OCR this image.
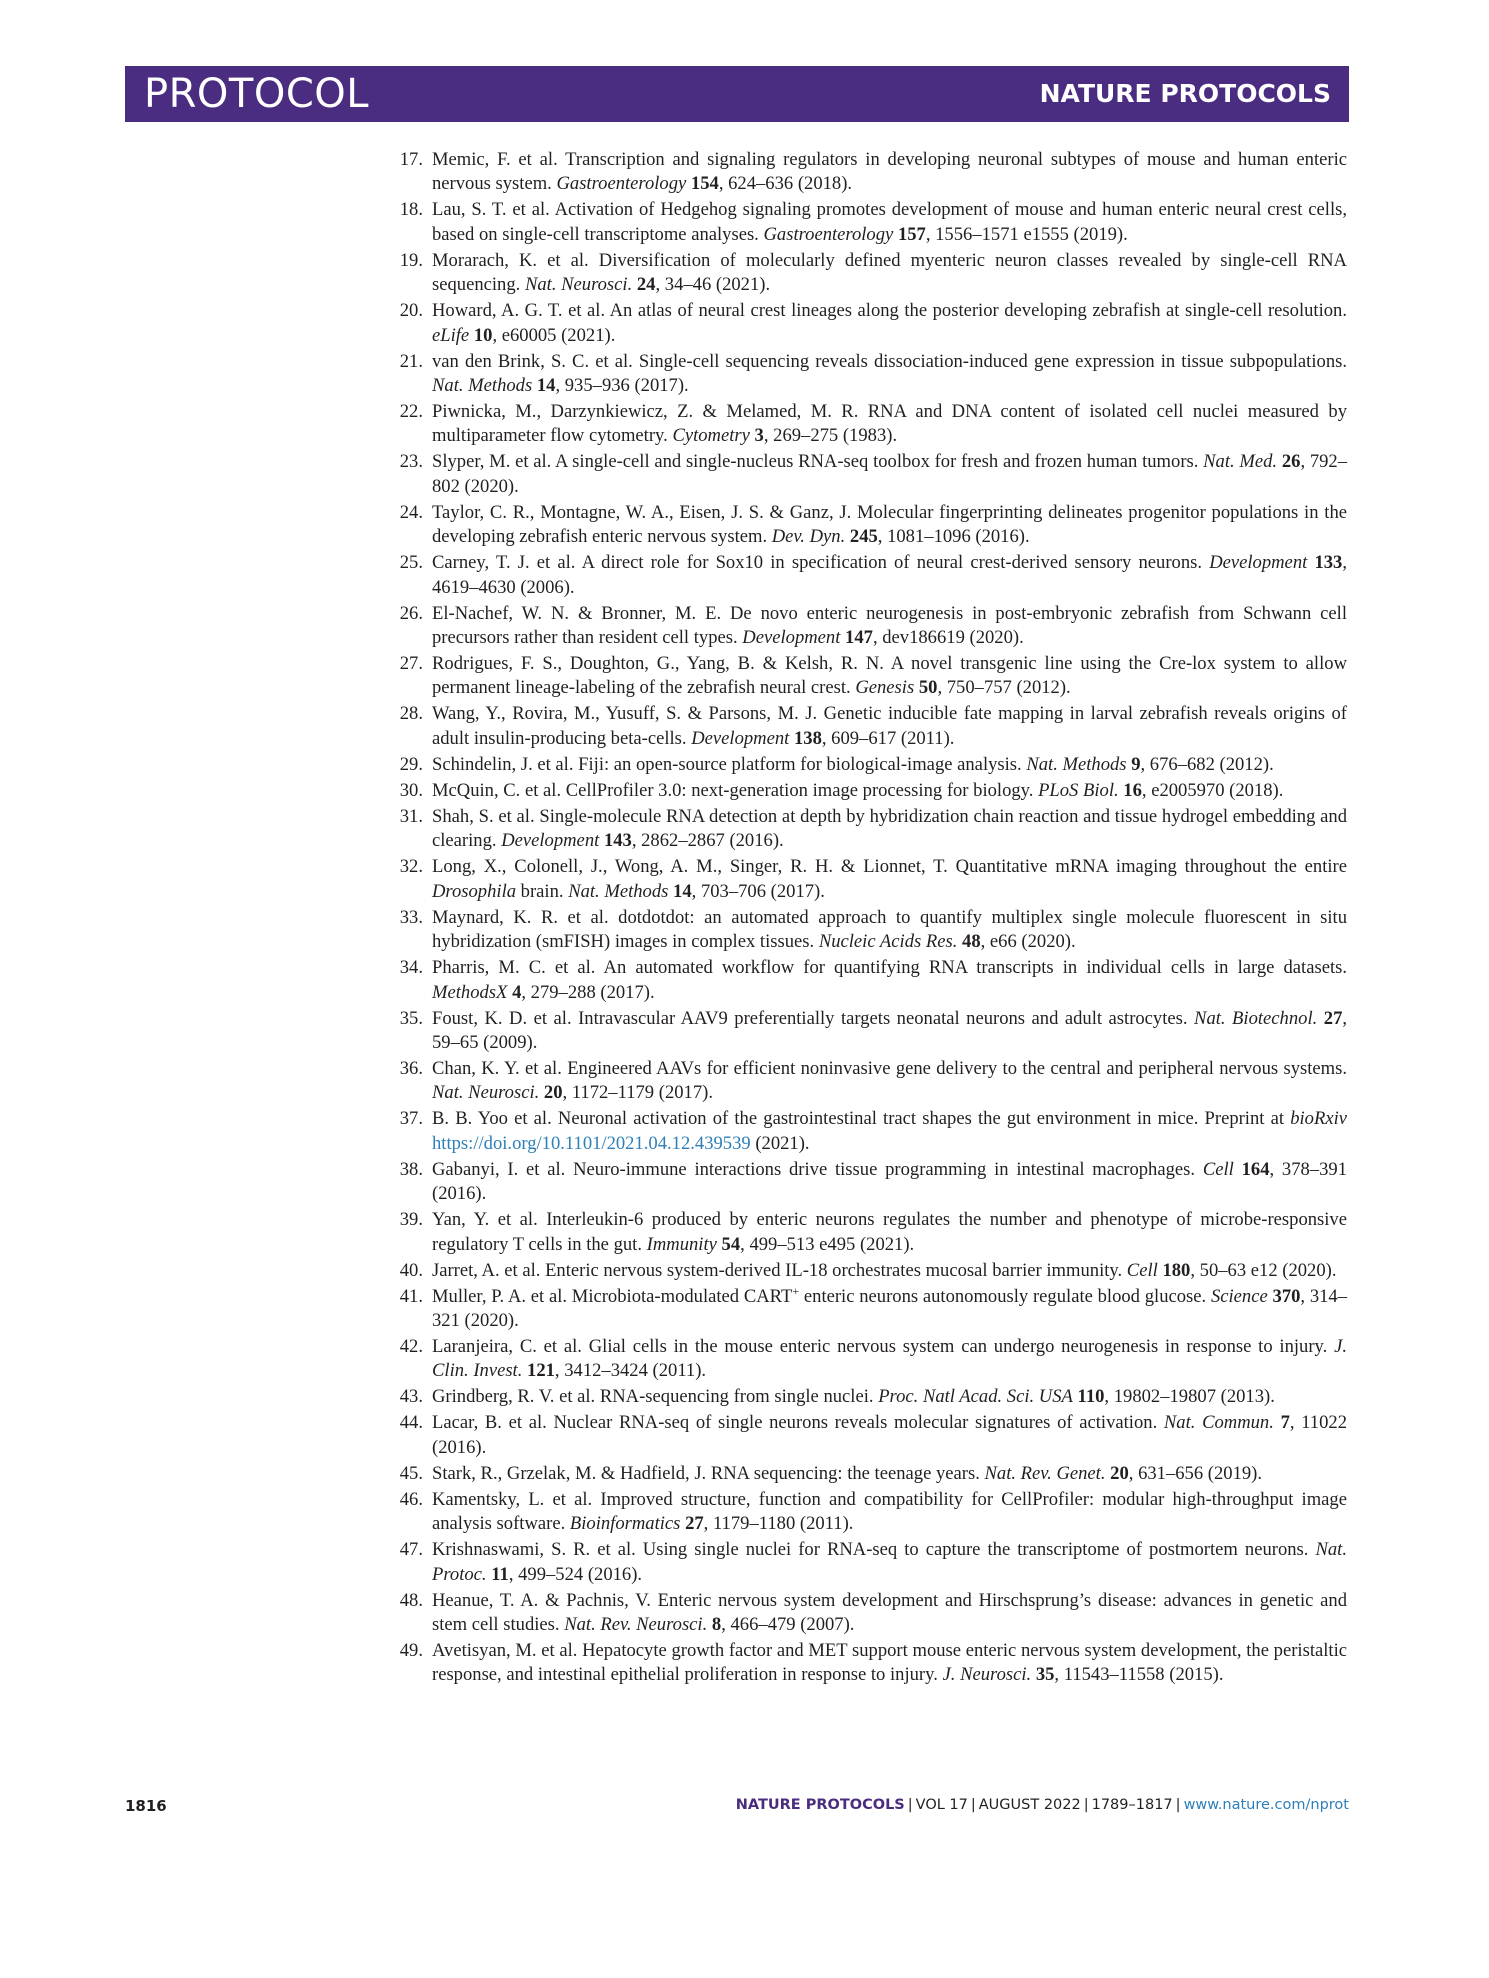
PROTOCOL	NATURE PROTOCOLS
17. Memic, F. et al. Transcription and signaling regulators in developing neuronal subtypes of mouse and human enteric nervous system. Gastroenterology 154, 624–636 (2018).
18. Lau, S. T. et al. Activation of Hedgehog signaling promotes development of mouse and human enteric neural crest cells, based on single-cell transcriptome analyses. Gastroenterology 157, 1556–1571 e1555 (2019).
19. Morarach, K. et al. Diversification of molecularly defined myenteric neuron classes revealed by single-cell RNA sequencing. Nat. Neurosci. 24, 34–46 (2021).
20. Howard, A. G. T. et al. An atlas of neural crest lineages along the posterior developing zebrafish at single-cell resolution. eLife 10, e60005 (2021).
21. van den Brink, S. C. et al. Single-cell sequencing reveals dissociation-induced gene expression in tissue subpopulations. Nat. Methods 14, 935–936 (2017).
22. Piwnicka, M., Darzynkiewicz, Z. & Melamed, M. R. RNA and DNA content of isolated cell nuclei measured by multiparameter flow cytometry. Cytometry 3, 269–275 (1983).
23. Slyper, M. et al. A single-cell and single-nucleus RNA-seq toolbox for fresh and frozen human tumors. Nat. Med. 26, 792–802 (2020).
24. Taylor, C. R., Montagne, W. A., Eisen, J. S. & Ganz, J. Molecular fingerprinting delineates progenitor populations in the developing zebrafish enteric nervous system. Dev. Dyn. 245, 1081–1096 (2016).
25. Carney, T. J. et al. A direct role for Sox10 in specification of neural crest-derived sensory neurons. Development 133, 4619–4630 (2006).
26. El-Nachef, W. N. & Bronner, M. E. De novo enteric neurogenesis in post-embryonic zebrafish from Schwann cell precursors rather than resident cell types. Development 147, dev186619 (2020).
27. Rodrigues, F. S., Doughton, G., Yang, B. & Kelsh, R. N. A novel transgenic line using the Cre-lox system to allow permanent lineage-labeling of the zebrafish neural crest. Genesis 50, 750–757 (2012).
28. Wang, Y., Rovira, M., Yusuff, S. & Parsons, M. J. Genetic inducible fate mapping in larval zebrafish reveals origins of adult insulin-producing beta-cells. Development 138, 609–617 (2011).
29. Schindelin, J. et al. Fiji: an open-source platform for biological-image analysis. Nat. Methods 9, 676–682 (2012).
30. McQuin, C. et al. CellProfiler 3.0: next-generation image processing for biology. PLoS Biol. 16, e2005970 (2018).
31. Shah, S. et al. Single-molecule RNA detection at depth by hybridization chain reaction and tissue hydrogel embedding and clearing. Development 143, 2862–2867 (2016).
32. Long, X., Colonell, J., Wong, A. M., Singer, R. H. & Lionnet, T. Quantitative mRNA imaging throughout the entire Drosophila brain. Nat. Methods 14, 703–706 (2017).
33. Maynard, K. R. et al. dotdotdot: an automated approach to quantify multiplex single molecule fluorescent in situ hybridization (smFISH) images in complex tissues. Nucleic Acids Res. 48, e66 (2020).
34. Pharris, M. C. et al. An automated workflow for quantifying RNA transcripts in individual cells in large datasets. MethodsX 4, 279–288 (2017).
35. Foust, K. D. et al. Intravascular AAV9 preferentially targets neonatal neurons and adult astrocytes. Nat. Biotechnol. 27, 59–65 (2009).
36. Chan, K. Y. et al. Engineered AAVs for efficient noninvasive gene delivery to the central and peripheral nervous systems. Nat. Neurosci. 20, 1172–1179 (2017).
37. B. B. Yoo et al. Neuronal activation of the gastrointestinal tract shapes the gut environment in mice. Preprint at bioRxiv https://doi.org/10.1101/2021.04.12.439539 (2021).
38. Gabanyi, I. et al. Neuro-immune interactions drive tissue programming in intestinal macrophages. Cell 164, 378–391 (2016).
39. Yan, Y. et al. Interleukin-6 produced by enteric neurons regulates the number and phenotype of microbe-responsive regulatory T cells in the gut. Immunity 54, 499–513 e495 (2021).
40. Jarret, A. et al. Enteric nervous system-derived IL-18 orchestrates mucosal barrier immunity. Cell 180, 50–63 e12 (2020).
41. Muller, P. A. et al. Microbiota-modulated CART+ enteric neurons autonomously regulate blood glucose. Science 370, 314–321 (2020).
42. Laranjeira, C. et al. Glial cells in the mouse enteric nervous system can undergo neurogenesis in response to injury. J. Clin. Invest. 121, 3412–3424 (2011).
43. Grindberg, R. V. et al. RNA-sequencing from single nuclei. Proc. Natl Acad. Sci. USA 110, 19802–19807 (2013).
44. Lacar, B. et al. Nuclear RNA-seq of single neurons reveals molecular signatures of activation. Nat. Commun. 7, 11022 (2016).
45. Stark, R., Grzelak, M. & Hadfield, J. RNA sequencing: the teenage years. Nat. Rev. Genet. 20, 631–656 (2019).
46. Kamentsky, L. et al. Improved structure, function and compatibility for CellProfiler: modular high-throughput image analysis software. Bioinformatics 27, 1179–1180 (2011).
47. Krishnaswami, S. R. et al. Using single nuclei for RNA-seq to capture the transcriptome of postmortem neurons. Nat. Protoc. 11, 499–524 (2016).
48. Heanue, T. A. & Pachnis, V. Enteric nervous system development and Hirschsprung’s disease: advances in genetic and stem cell studies. Nat. Rev. Neurosci. 8, 466–479 (2007).
49. Avetisyan, M. et al. Hepatocyte growth factor and MET support mouse enteric nervous system development, the peristaltic response, and intestinal epithelial proliferation in response to injury. J. Neurosci. 35, 11543–11558 (2015).
1816	NATURE PROTOCOLS | VOL 17 | AUGUST 2022 | 1789–1817 | www.nature.com/nprot
